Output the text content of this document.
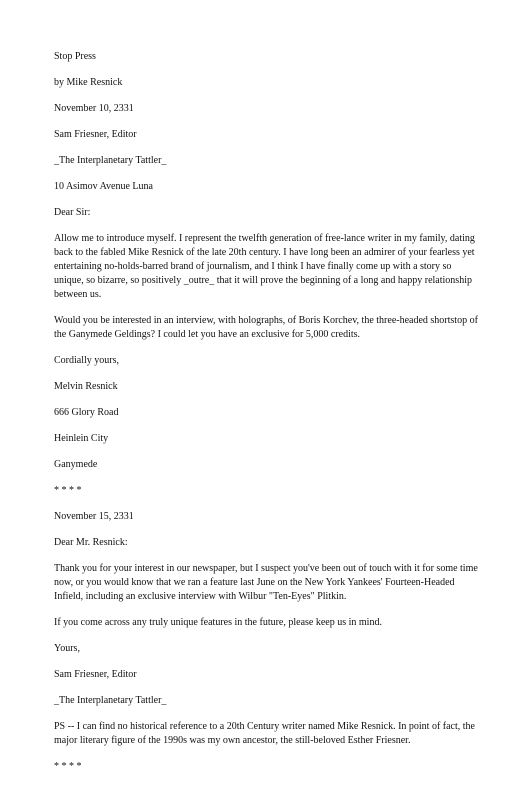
Stop Press

by Mike Resnick

November 10, 2331

Sam Friesner, Editor

_The Interplanetary Tattler_

10 Asimov Avenue Luna

Dear Sir:

Allow me to introduce myself. I represent the twelfth generation of free-lance writer in my family, dating back to the fabled Mike Resnick of the late 20th century. I have long been an admirer of your fearless yet entertaining no-holds-barred brand of journalism, and I think I have finally come up with a story so unique, so bizarre, so positively _outre_ that it will prove the beginning of a long and happy relationship between us.

Would you be interested in an interview, with holographs, of Boris Korchev, the three-headed shortstop of the Ganymede Geldings? I could let you have an exclusive for 5,000 credits.

Cordially yours,

Melvin Resnick

666 Glory Road

Heinlein City

Ganymede

* * * *

November 15, 2331

Dear Mr. Resnick:

Thank you for your interest in our newspaper, but I suspect you've been out of touch with it for some time now, or you would know that we ran a feature last June on the New York Yankees' Fourteen-Headed Infield, including an exclusive interview with Wilbur "Ten-Eyes" Plitkin.

If you come across any truly unique features in the future, please keep us in mind.

Yours,

Sam Friesner, Editor

_The Interplanetary Tattler_

PS -- I can find no historical reference to a 20th Century writer named Mike Resnick. In point of fact, the major literary figure of the 1990s was my own ancestor, the still-beloved Esther Friesner.

* * * *
